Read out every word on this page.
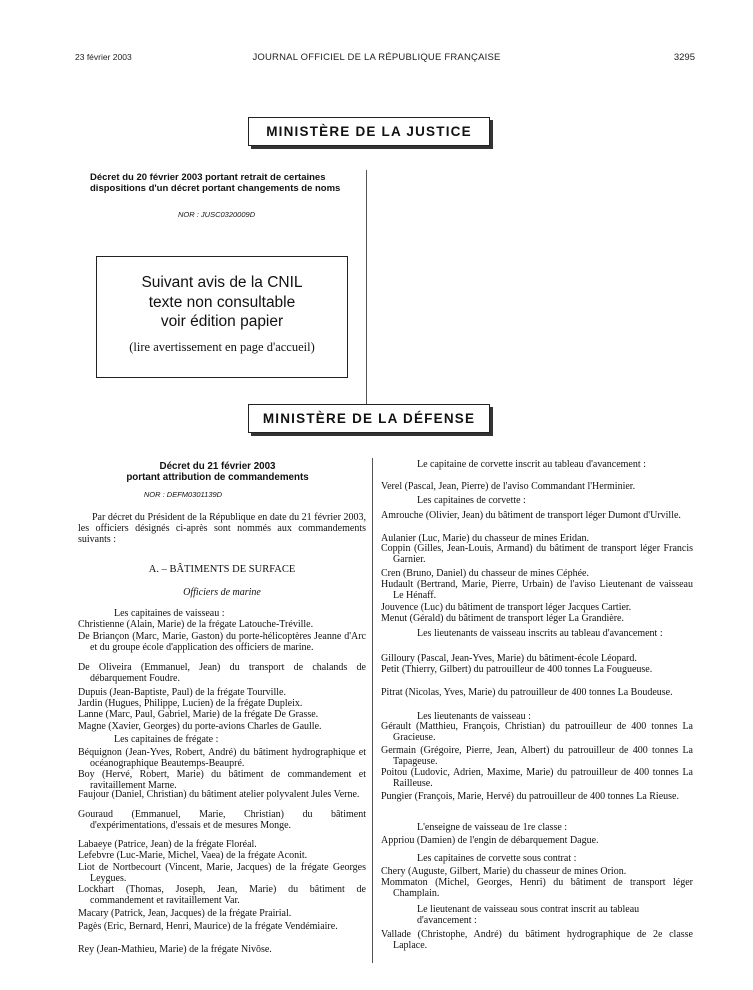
23 février 2003	JOURNAL OFFICIEL DE LA RÉPUBLIQUE FRANÇAISE	3295
MINISTÈRE DE LA JUSTICE
Décret du 20 février 2003 portant retrait de certaines dispositions d'un décret portant changements de noms
NOR : JUSC0320009D
Suivant avis de la CNIL
texte non consultable
voir édition papier
(lire avertissement en page d'accueil)
MINISTÈRE DE LA DÉFENSE
Décret du 21 février 2003
portant attribution de commandements
NOR : DEFM0301139D
Par décret du Président de la République en date du 21 février 2003, les officiers désignés ci-après sont nommés aux commandements suivants :
A. – BÂTIMENTS DE SURFACE
Officiers de marine
Les capitaines de vaisseau :
Christienne (Alain, Marie) de la frégate Latouche-Tréville.
De Briançon (Marc, Marie, Gaston) du porte-hélicoptères Jeanne d'Arc et du groupe école d'application des officiers de marine.
De Oliveira (Emmanuel, Jean) du transport de chalands de débarquement Foudre.
Dupuis (Jean-Baptiste, Paul) de la frégate Tourville.
Jardin (Hugues, Philippe, Lucien) de la frégate Dupleix.
Lanne (Marc, Paul, Gabriel, Marie) de la frégate De Grasse.
Magne (Xavier, Georges) du porte-avions Charles de Gaulle.
Les capitaines de frégate :
Béquignon (Jean-Yves, Robert, André) du bâtiment hydrographique et océanographique Beautemps-Beaupré.
Boy (Hervé, Robert, Marie) du bâtiment de commandement et ravitaillement Marne.
Faujour (Daniel, Christian) du bâtiment atelier polyvalent Jules Verne.
Gouraud (Emmanuel, Marie, Christian) du bâtiment d'expérimentations, d'essais et de mesures Monge.
Labaeye (Patrice, Jean) de la frégate Floréal.
Lefebvre (Luc-Marie, Michel, Vaea) de la frégate Aconit.
Liot de Nortbecourt (Vincent, Marie, Jacques) de la frégate Georges Leygues.
Lockhart (Thomas, Joseph, Jean, Marie) du bâtiment de commandement et ravitaillement Var.
Macary (Patrick, Jean, Jacques) de la frégate Prairial.
Pagès (Eric, Bernard, Henri, Maurice) de la frégate Vendémiaire.
Rey (Jean-Mathieu, Marie) de la frégate Nivôse.
Le capitaine de corvette inscrit au tableau d'avancement :
Verel (Pascal, Jean, Pierre) de l'aviso Commandant l'Herminier.
Les capitaines de corvette :
Amrouche (Olivier, Jean) du bâtiment de transport léger Dumont d'Urville.
Aulanier (Luc, Marie) du chasseur de mines Eridan.
Coppin (Gilles, Jean-Louis, Armand) du bâtiment de transport léger Francis Garnier.
Cren (Bruno, Daniel) du chasseur de mines Céphée.
Hudault (Bertrand, Marie, Pierre, Urbain) de l'aviso Lieutenant de vaisseau Le Hénaff.
Jouvence (Luc) du bâtiment de transport léger Jacques Cartier.
Menut (Gérald) du bâtiment de transport léger La Grandière.
Les lieutenants de vaisseau inscrits au tableau d'avancement :
Gilloury (Pascal, Jean-Yves, Marie) du bâtiment-école Léopard.
Petit (Thierry, Gilbert) du patrouilleur de 400 tonnes La Fougueuse.
Pitrat (Nicolas, Yves, Marie) du patrouilleur de 400 tonnes La Boudeuse.
Les lieutenants de vaisseau :
Gérault (Matthieu, François, Christian) du patrouilleur de 400 tonnes La Gracieuse.
Germain (Grégoire, Pierre, Jean, Albert) du patrouilleur de 400 tonnes La Tapageuse.
Poitou (Ludovic, Adrien, Maxime, Marie) du patrouilleur de 400 tonnes La Railleuse.
Pungier (François, Marie, Hervé) du patrouilleur de 400 tonnes La Rieuse.
L'enseigne de vaisseau de 1re classe :
Appriou (Damien) de l'engin de débarquement Dague.
Les capitaines de corvette sous contrat :
Chery (Auguste, Gilbert, Marie) du chasseur de mines Orion.
Mommaton (Michel, Georges, Henri) du bâtiment de transport léger Champlain.
Le lieutenant de vaisseau sous contrat inscrit au tableau d'avancement :
Vallade (Christophe, André) du bâtiment hydrographique de 2e classe Laplace.
